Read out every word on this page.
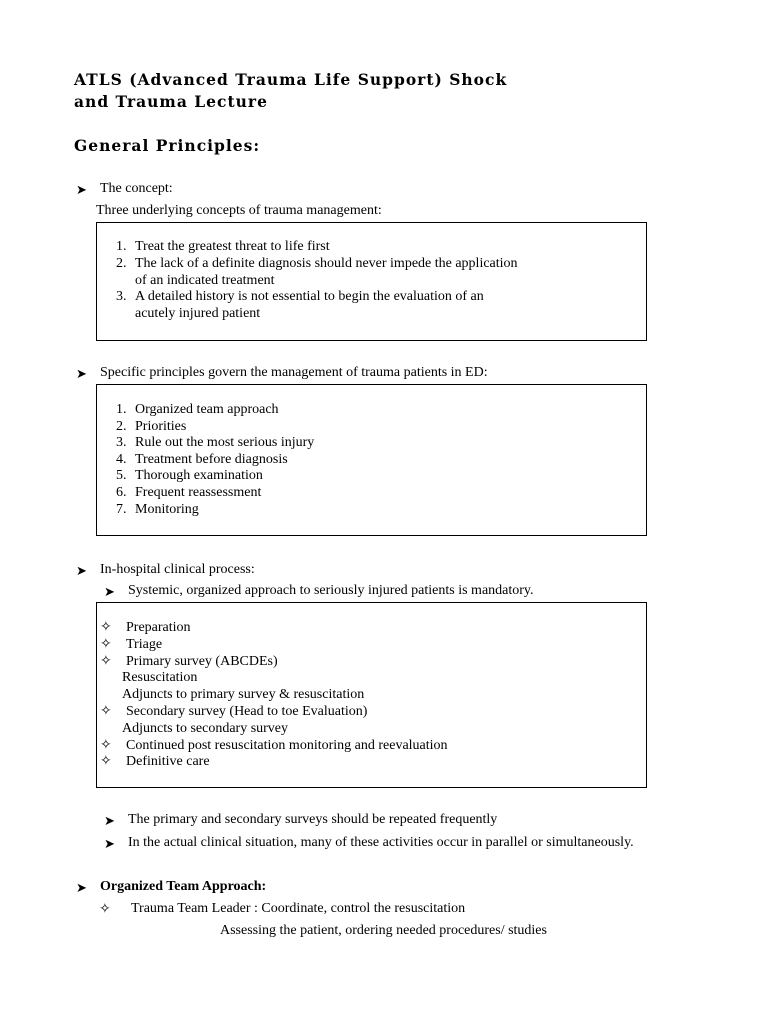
ATLS (Advanced Trauma Life Support) Shock
and Trauma Lecture
General Principles:
➤ The concept:
Three underlying concepts of trauma management:
1. Treat the greatest threat to life first
2. The lack of a definite diagnosis should never impede the application
of an indicated treatment
3. A detailed history is not essential to begin the evaluation of an
acutely injured patient
➤ Specific principles govern the management of trauma patients in ED:
1. Organized team approach
2. Priorities
3. Rule out the most serious injury
4. Treatment before diagnosis
5. Thorough examination
6. Frequent reassessment
7. Monitoring
➤ In-hospital clinical process:
➤ Systemic, organized approach to seriously injured patients is mandatory.
✧ Preparation
✧ Triage
✧ Primary survey (ABCDEs)
Resuscitation
Adjuncts to primary survey & resuscitation
✧ Secondary survey (Head to toe Evaluation)
Adjuncts to secondary survey
✧ Continued post resuscitation monitoring and reevaluation
✧ Definitive care
➤ The primary and secondary surveys should be repeated frequently
➤ In the actual clinical situation, many of these activities occur in parallel or simultaneously.
➤ Organized Team Approach:
✧ Trauma Team Leader : Coordinate, control the resuscitation
Assessing the patient, ordering needed procedures/ studies
